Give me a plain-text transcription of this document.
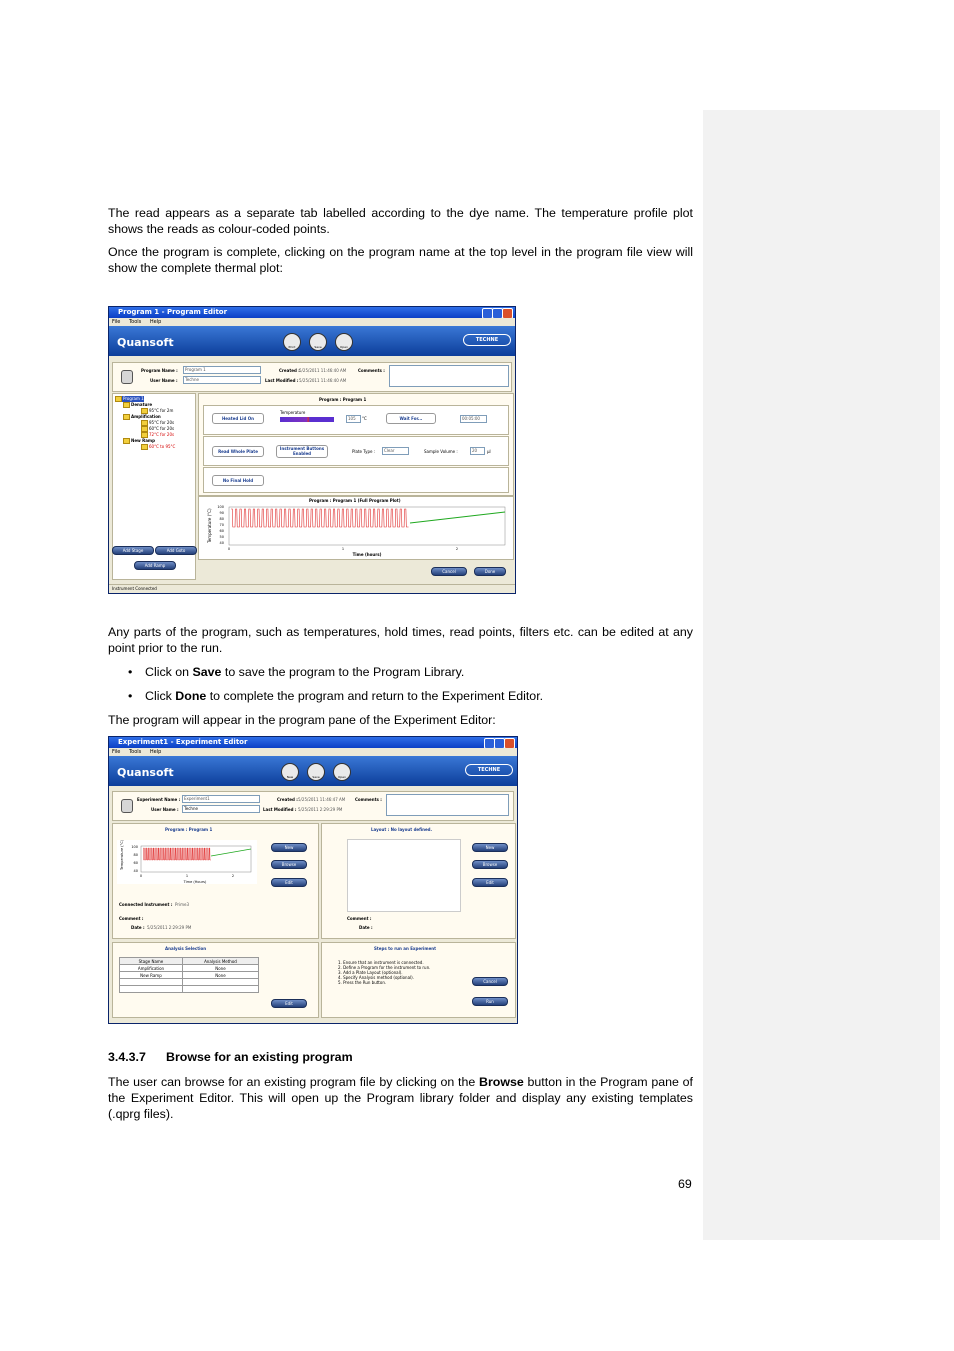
The read appears as a separate tab labelled according to the dye name. The temperature profile plot shows the reads as colour-coded points.

Once the program is complete, clicking on the program name at the top level in the program file view will show the complete thermal plot:

Program 1 - Program Editor
File Tools Help
Quansoft	Print	Save	Open
TECHNE
Program Name :	Program 1
User Name :	Techne
Created : 5/25/2011 11:46:40 AM
Last Modified : 5/25/2011 11:46:40 AM
Comments :
Program 1
Denature
95°C for 2m
Amplification
95°C for 20s
60°C for 20s
72°C for 20s
New Ramp
60°C to 95°C
Add Stage	Add Goto
Add Ramp
Program : Program 1
Heated Lid On
Temperature
105	°C	Wait For...	00:05:00
Read Whole Plate
Instrument Buttons Enabled	Plate Type :	Clear	Sample Volume :	20	µl
No Final Hold
Program : Program 1 (Full Program Plot)
Temperature (°C)
100
90
80
70
60
50
40
0	1	2
Time (hours)
Cancel	Done
Instrument Connected

Any parts of the program, such as temperatures, hold times, read points, filters etc. can be edited at any point prior to the run.

• Click on Save to save the program to the Program Library.
• Click Done to complete the program and return to the Experiment Editor.

The program will appear in the program pane of the Experiment Editor:

Experiment1 - Experiment Editor
File Tools Help
Quansoft	New	Save	Open
TECHNE
Experiment Name : Experiment1
User Name :	Techne
Created : 5/25/2011 11:46:47 AM
Last Modified : 5/25/2011 2:29:29 PM
Comments :
Program : Program 1
Temperature (°C) 100
80
60
40
0	1	2
Time (Hours)
New
Browse
Edit
Connected Instrument : Prime3
Comment :
Date : 5/25/2011 2:29:29 PM
Layout : No layout defined.
New
Browse
Edit
Comment :
Date :
Analysis Selection
Stage Name	Analysis Method
Amplification	None
New Ramp	None

Edit
Steps to run an Experiment
1. Ensure that an instrument is connected.
2. Define a Program for the instrument to run.
3. Add a Plate Layout (optional).
4. Specify Analysis method (optional).
5. Press the Run button.	Cancel
Run
3.4.3.7 Browse for an existing program

The user can browse for an existing program file by clicking on the Browse button in the Program pane of the Experiment Editor. This will open up the Program library folder and display any existing templates (.qprg files).

69
